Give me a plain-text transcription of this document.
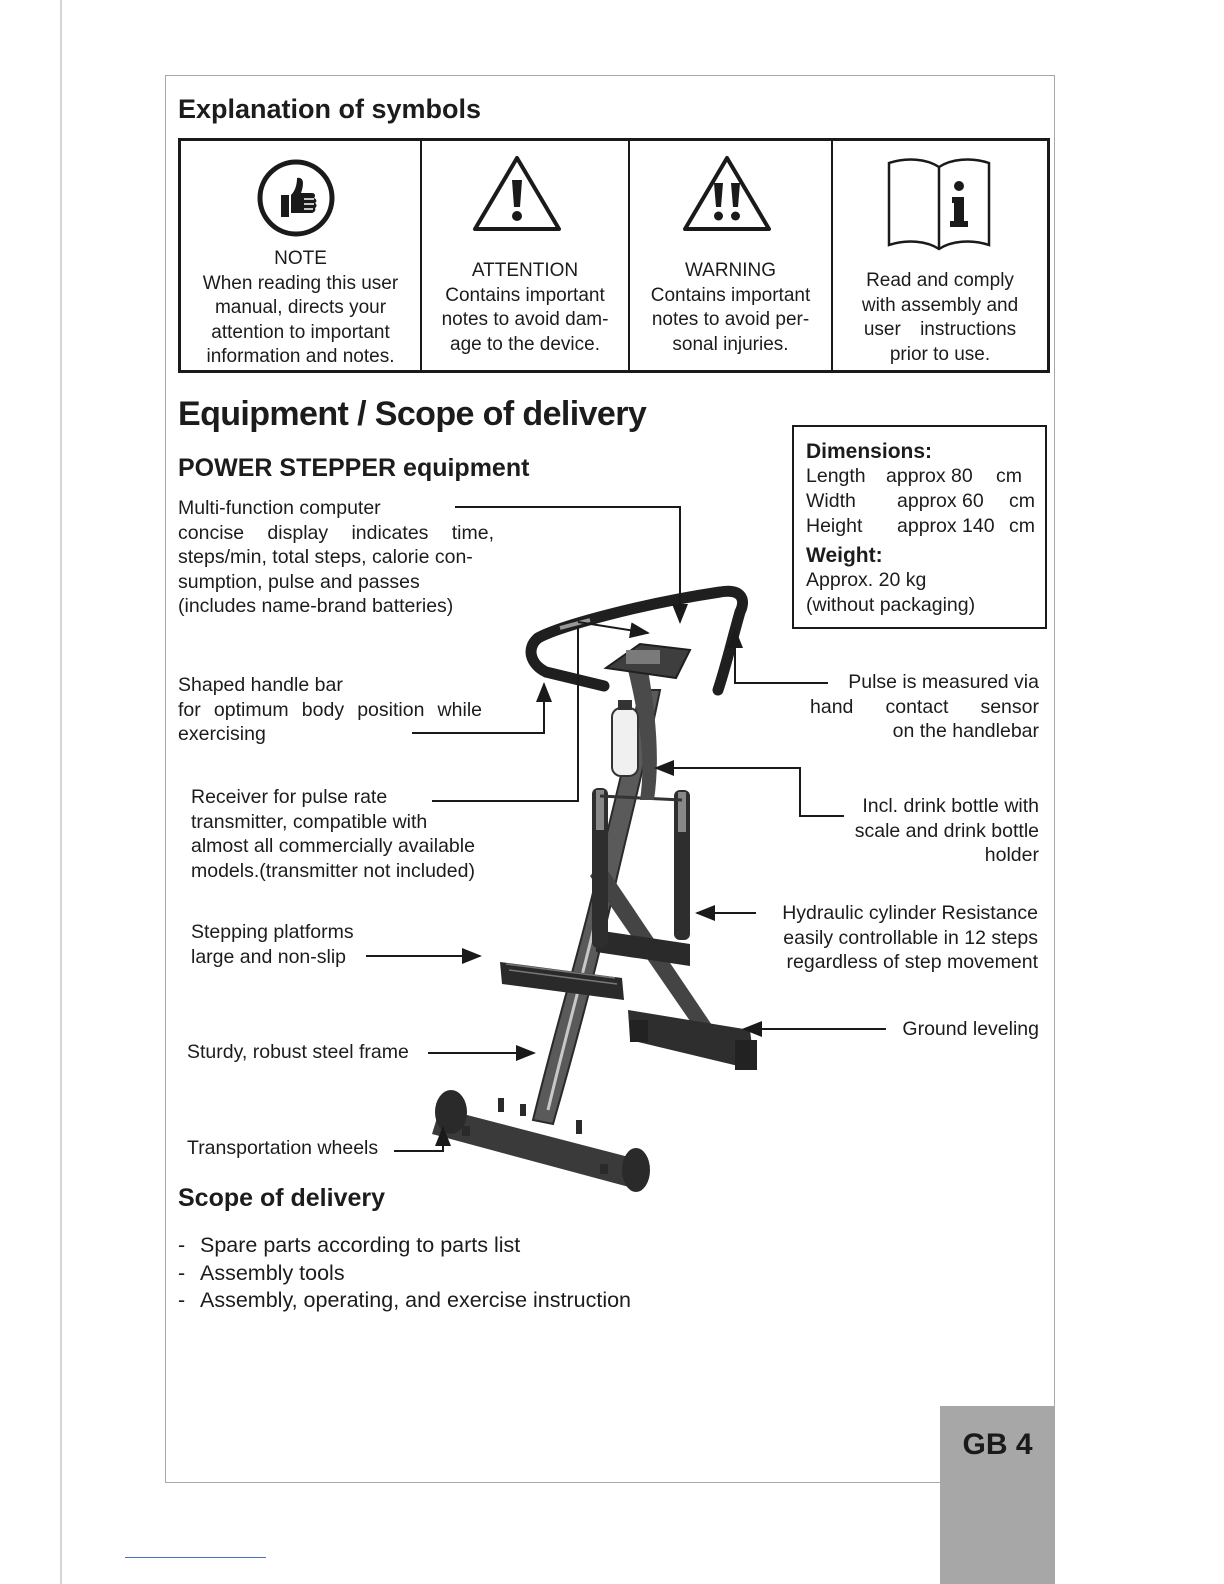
GB 4
Explanation of symbols
NOTE
When reading this user
manual, directs your
attention to important
information and notes.
ATTENTION
Contains important
notes to avoid dam-
age to the device.
WARNING
Contains important
notes to avoid per-
sonal injuries.
Read and comply
with assembly and
user instructions
prior to use.
Equipment / Scope of delivery
POWER STEPPER equipment
Dimensions:
Length approx 80 cm
Width approx 60 cm
Height approx 140 cm
Weight:
Approx. 20 kg
(without packaging)
Multi-function computer
concise display indicates time,
steps/min, total steps, calorie con-
sumption, pulse and passes
(includes name-brand batteries)
Shaped handle bar
for optimum body position while
exercising
Receiver for pulse rate
transmitter, compatible with
almost all commercially available
models.(transmitter not included)
Stepping platforms
large and non-slip
Sturdy, robust steel frame
Transportation wheels
Pulse is measured via
hand contact sensor
on the handlebar
Incl. drink bottle with
scale and drink bottle
holder
Hydraulic cylinder Resistance
easily controllable in 12 steps
regardless of step movement
Ground leveling
Scope of delivery
- Spare parts according to parts list
- Assembly tools
- Assembly, operating, and exercise instruction
